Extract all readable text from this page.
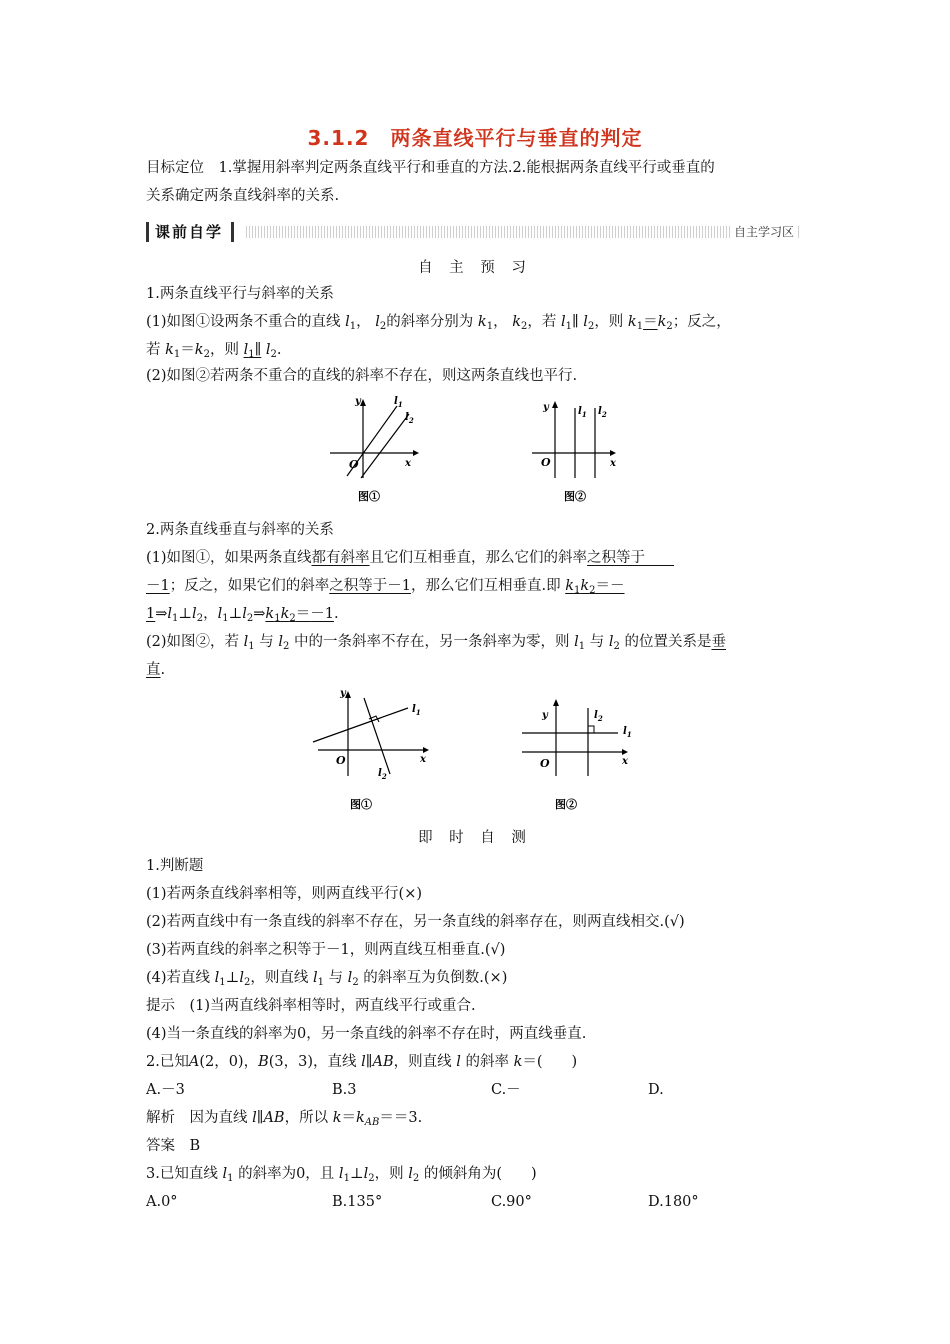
3.1.2　两条直线平行与垂直的判定
目标定位　 1.掌握用斜率判定两条直线平行和垂直的方法.2.能根据两条直线平行或垂直的
关系确定两条直线斜率的关系.
课前自学	自主学习区
自 主 预 习
1.两条直线平行与斜率的关系
(1)如图①设两条不重合的直线 $l_1$， $l_2$的斜率分别为 $k_1$， $k_2$，若 $l_1\parallel$ $l_2$，则 $k_1=k_2$；反之，
若 $k_1=k_2$，则 $l_1\parallel$ $l_2$.
(2)如图②若两条不重合的直线的斜率不存在，则这两条直线也平行.
y
x
O
$l_1$
$l_2$
图①
y
x
O
$l_1$ $l_2$
图②
2.两条直线垂直与斜率的关系
(1)如图①，如果两条直线都有斜率且它们互相垂直，那么它们的斜率之积等于　　
－1；反之，如果它们的斜率之积等于－1，那么它们互相垂直.即 $k_1k_2=-$
$1\Rightarrow l_1\perp l_2$，$l_1\perp l_2\Rightarrow k_1k_2=-1$.
(2)如图②，若 $l_1$ 与 $l_2$ 中的一条斜率不存在，另一条斜率为零，则 $l_1$ 与 $l_2$ 的位置关系是垂
直.
y
x
O
$l_1$
$l_2$
图①
y
x
O
$l_1$
$l_2$
图②
即 时 自 测
1.判断题
(1)若两条直线斜率相等，则两直线平行(×)
(2)若两直线中有一条直线的斜率不存在，另一条直线的斜率存在，则两直线相交.(√)
(3)若两直线的斜率之积等于－1，则两直线互相垂直.(√)
(4)若直线 $l_1\perp l_2$，则直线 $l_1$ 与 $l_2$ 的斜率互为负倒数.(×)
提示　(1)当两直线斜率相等时，两直线平行或重合.
(4)当一条直线的斜率为0，另一条直线的斜率不存在时，两直线垂直.
2.已知A(2，0)，B(3，3)，直线 l∥AB，则直线 l 的斜率 k＝(　　)
A.－3	B.3	C.－	D.
解析　因为直线 l∥AB，所以 $k=k_{AB}==3$.
答案　B
3.已知直线 $l_1$ 的斜率为0，且 $l_1\perp l_2$，则 $l_2$ 的倾斜角为(　　)
A.0°	B.135°	C.90°	D.180°
